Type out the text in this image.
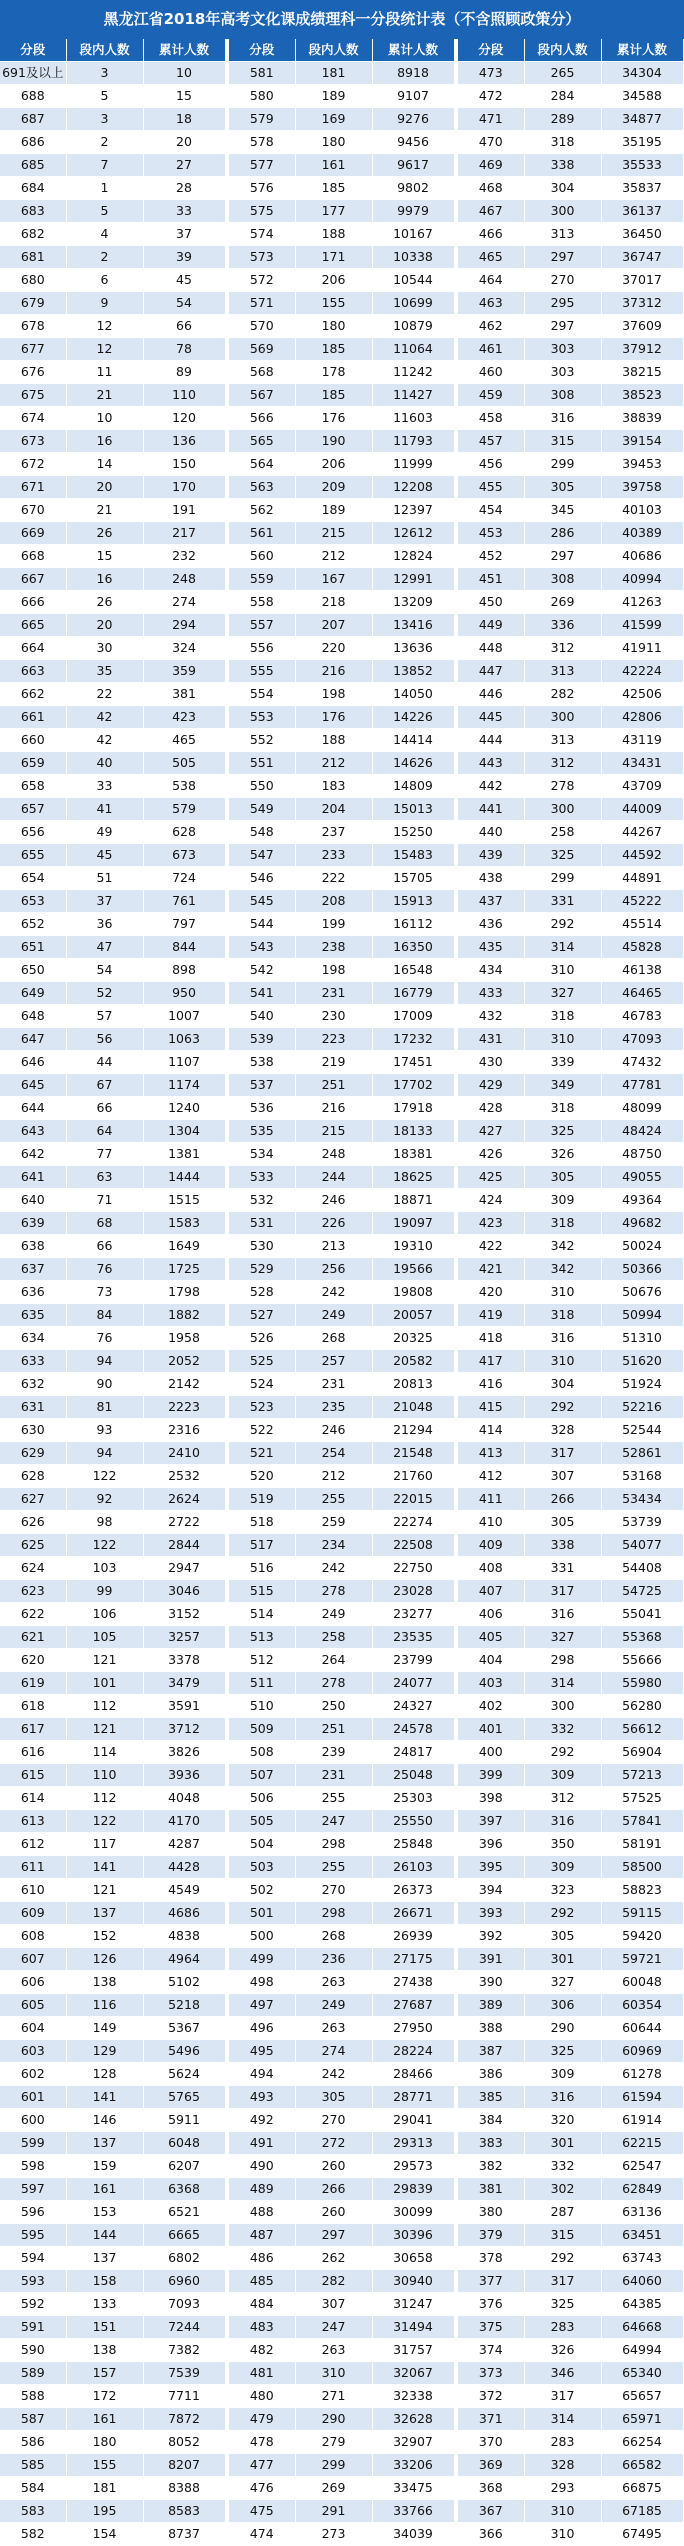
黑龙江省2018年高考文化课成绩理科一分段统计表（不含照顾政策分）
分段	段内人数	累计人数
691及以上	3	10
688	5	15
687	3	18
686	2	20
685	7	27
684	1	28
683	5	33
682	4	37
681	2	39
680	6	45
679	9	54
678	12	66
677	12	78
676	11	89
675	21	110
674	10	120
673	16	136
672	14	150
671	20	170
670	21	191
669	26	217
668	15	232
667	16	248
666	26	274
665	20	294
664	30	324
663	35	359
662	22	381
661	42	423
660	42	465
659	40	505
658	33	538
657	41	579
656	49	628
655	45	673
654	51	724
653	37	761
652	36	797
651	47	844
650	54	898
649	52	950
648	57	1007
647	56	1063
646	44	1107
645	67	1174
644	66	1240
643	64	1304
642	77	1381
641	63	1444
640	71	1515
639	68	1583
638	66	1649
637	76	1725
636	73	1798
635	84	1882
634	76	1958
633	94	2052
632	90	2142
631	81	2223
630	93	2316
629	94	2410
628	122	2532
627	92	2624
626	98	2722
625	122	2844
624	103	2947
623	99	3046
622	106	3152
621	105	3257
620	121	3378
619	101	3479
618	112	3591
617	121	3712
616	114	3826
615	110	3936
614	112	4048
613	122	4170
612	117	4287
611	141	4428
610	121	4549
609	137	4686
608	152	4838
607	126	4964
606	138	5102
605	116	5218
604	149	5367
603	129	5496
602	128	5624
601	141	5765
600	146	5911
599	137	6048
598	159	6207
597	161	6368
596	153	6521
595	144	6665
594	137	6802
593	158	6960
592	133	7093
591	151	7244
590	138	7382
589	157	7539
588	172	7711
587	161	7872
586	180	8052
585	155	8207
584	181	8388
583	195	8583
582	154	8737
分段	段内人数	累计人数
581	181	8918
580	189	9107
579	169	9276
578	180	9456
577	161	9617
576	185	9802
575	177	9979
574	188	10167
573	171	10338
572	206	10544
571	155	10699
570	180	10879
569	185	11064
568	178	11242
567	185	11427
566	176	11603
565	190	11793
564	206	11999
563	209	12208
562	189	12397
561	215	12612
560	212	12824
559	167	12991
558	218	13209
557	207	13416
556	220	13636
555	216	13852
554	198	14050
553	176	14226
552	188	14414
551	212	14626
550	183	14809
549	204	15013
548	237	15250
547	233	15483
546	222	15705
545	208	15913
544	199	16112
543	238	16350
542	198	16548
541	231	16779
540	230	17009
539	223	17232
538	219	17451
537	251	17702
536	216	17918
535	215	18133
534	248	18381
533	244	18625
532	246	18871
531	226	19097
530	213	19310
529	256	19566
528	242	19808
527	249	20057
526	268	20325
525	257	20582
524	231	20813
523	235	21048
522	246	21294
521	254	21548
520	212	21760
519	255	22015
518	259	22274
517	234	22508
516	242	22750
515	278	23028
514	249	23277
513	258	23535
512	264	23799
511	278	24077
510	250	24327
509	251	24578
508	239	24817
507	231	25048
506	255	25303
505	247	25550
504	298	25848
503	255	26103
502	270	26373
501	298	26671
500	268	26939
499	236	27175
498	263	27438
497	249	27687
496	263	27950
495	274	28224
494	242	28466
493	305	28771
492	270	29041
491	272	29313
490	260	29573
489	266	29839
488	260	30099
487	297	30396
486	262	30658
485	282	30940
484	307	31247
483	247	31494
482	263	31757
481	310	32067
480	271	32338
479	290	32628
478	279	32907
477	299	33206
476	269	33475
475	291	33766
474	273	34039
分段	段内人数	累计人数
473	265	34304
472	284	34588
471	289	34877
470	318	35195
469	338	35533
468	304	35837
467	300	36137
466	313	36450
465	297	36747
464	270	37017
463	295	37312
462	297	37609
461	303	37912
460	303	38215
459	308	38523
458	316	38839
457	315	39154
456	299	39453
455	305	39758
454	345	40103
453	286	40389
452	297	40686
451	308	40994
450	269	41263
449	336	41599
448	312	41911
447	313	42224
446	282	42506
445	300	42806
444	313	43119
443	312	43431
442	278	43709
441	300	44009
440	258	44267
439	325	44592
438	299	44891
437	331	45222
436	292	45514
435	314	45828
434	310	46138
433	327	46465
432	318	46783
431	310	47093
430	339	47432
429	349	47781
428	318	48099
427	325	48424
426	326	48750
425	305	49055
424	309	49364
423	318	49682
422	342	50024
421	342	50366
420	310	50676
419	318	50994
418	316	51310
417	310	51620
416	304	51924
415	292	52216
414	328	52544
413	317	52861
412	307	53168
411	266	53434
410	305	53739
409	338	54077
408	331	54408
407	317	54725
406	316	55041
405	327	55368
404	298	55666
403	314	55980
402	300	56280
401	332	56612
400	292	56904
399	309	57213
398	312	57525
397	316	57841
396	350	58191
395	309	58500
394	323	58823
393	292	59115
392	305	59420
391	301	59721
390	327	60048
389	306	60354
388	290	60644
387	325	60969
386	309	61278
385	316	61594
384	320	61914
383	301	62215
382	332	62547
381	302	62849
380	287	63136
379	315	63451
378	292	63743
377	317	64060
376	325	64385
375	283	64668
374	326	64994
373	346	65340
372	317	65657
371	314	65971
370	283	66254
369	328	66582
368	293	66875
367	310	67185
366	310	67495
